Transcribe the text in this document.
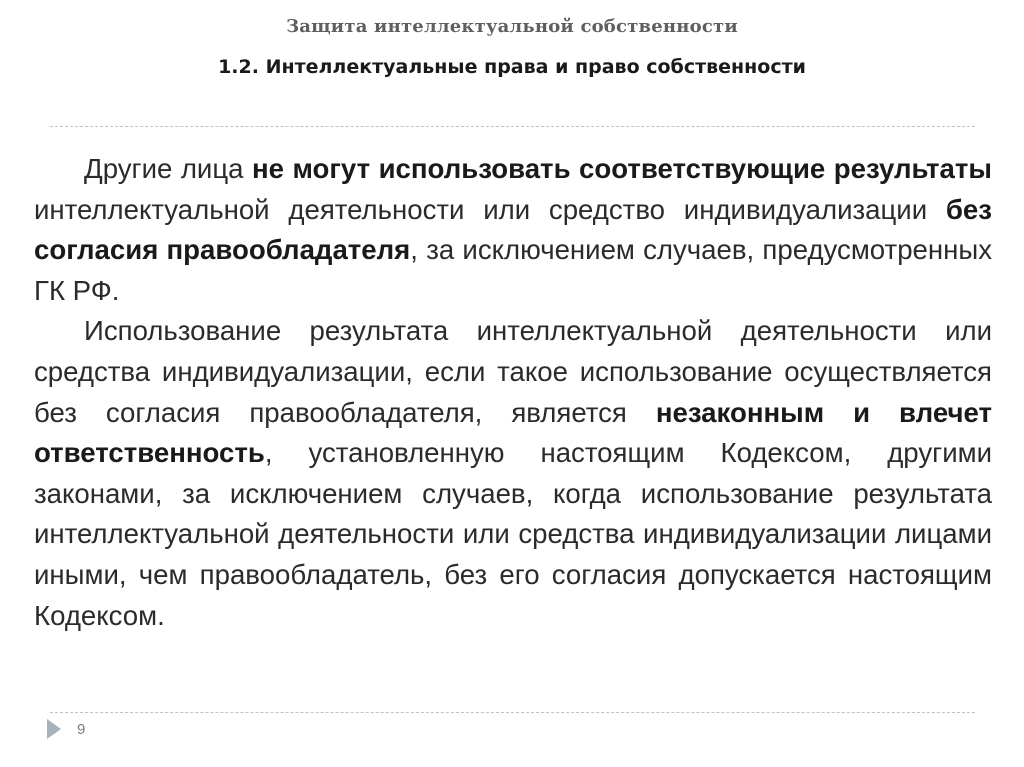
Защита интеллектуальной собственности
1.2. Интеллектуальные права и право собственности

Другие лица не могут использовать соответствующие результаты интеллектуальной деятельности или средство индивидуализации без согласия правообладателя, за исключением случаев, предусмотренных ГК РФ.

Использование результата интеллектуальной деятельности или средства индивидуализации, если такое использование осуществляется без согласия правообладателя, является незаконным и влечет ответственность, установленную настоящим Кодексом, другими законами, за исключением случаев, когда использование результата интеллектуальной деятельности или средства индивидуализации лицами иными, чем правообладатель, без его согласия допускается настоящим Кодексом.

9
